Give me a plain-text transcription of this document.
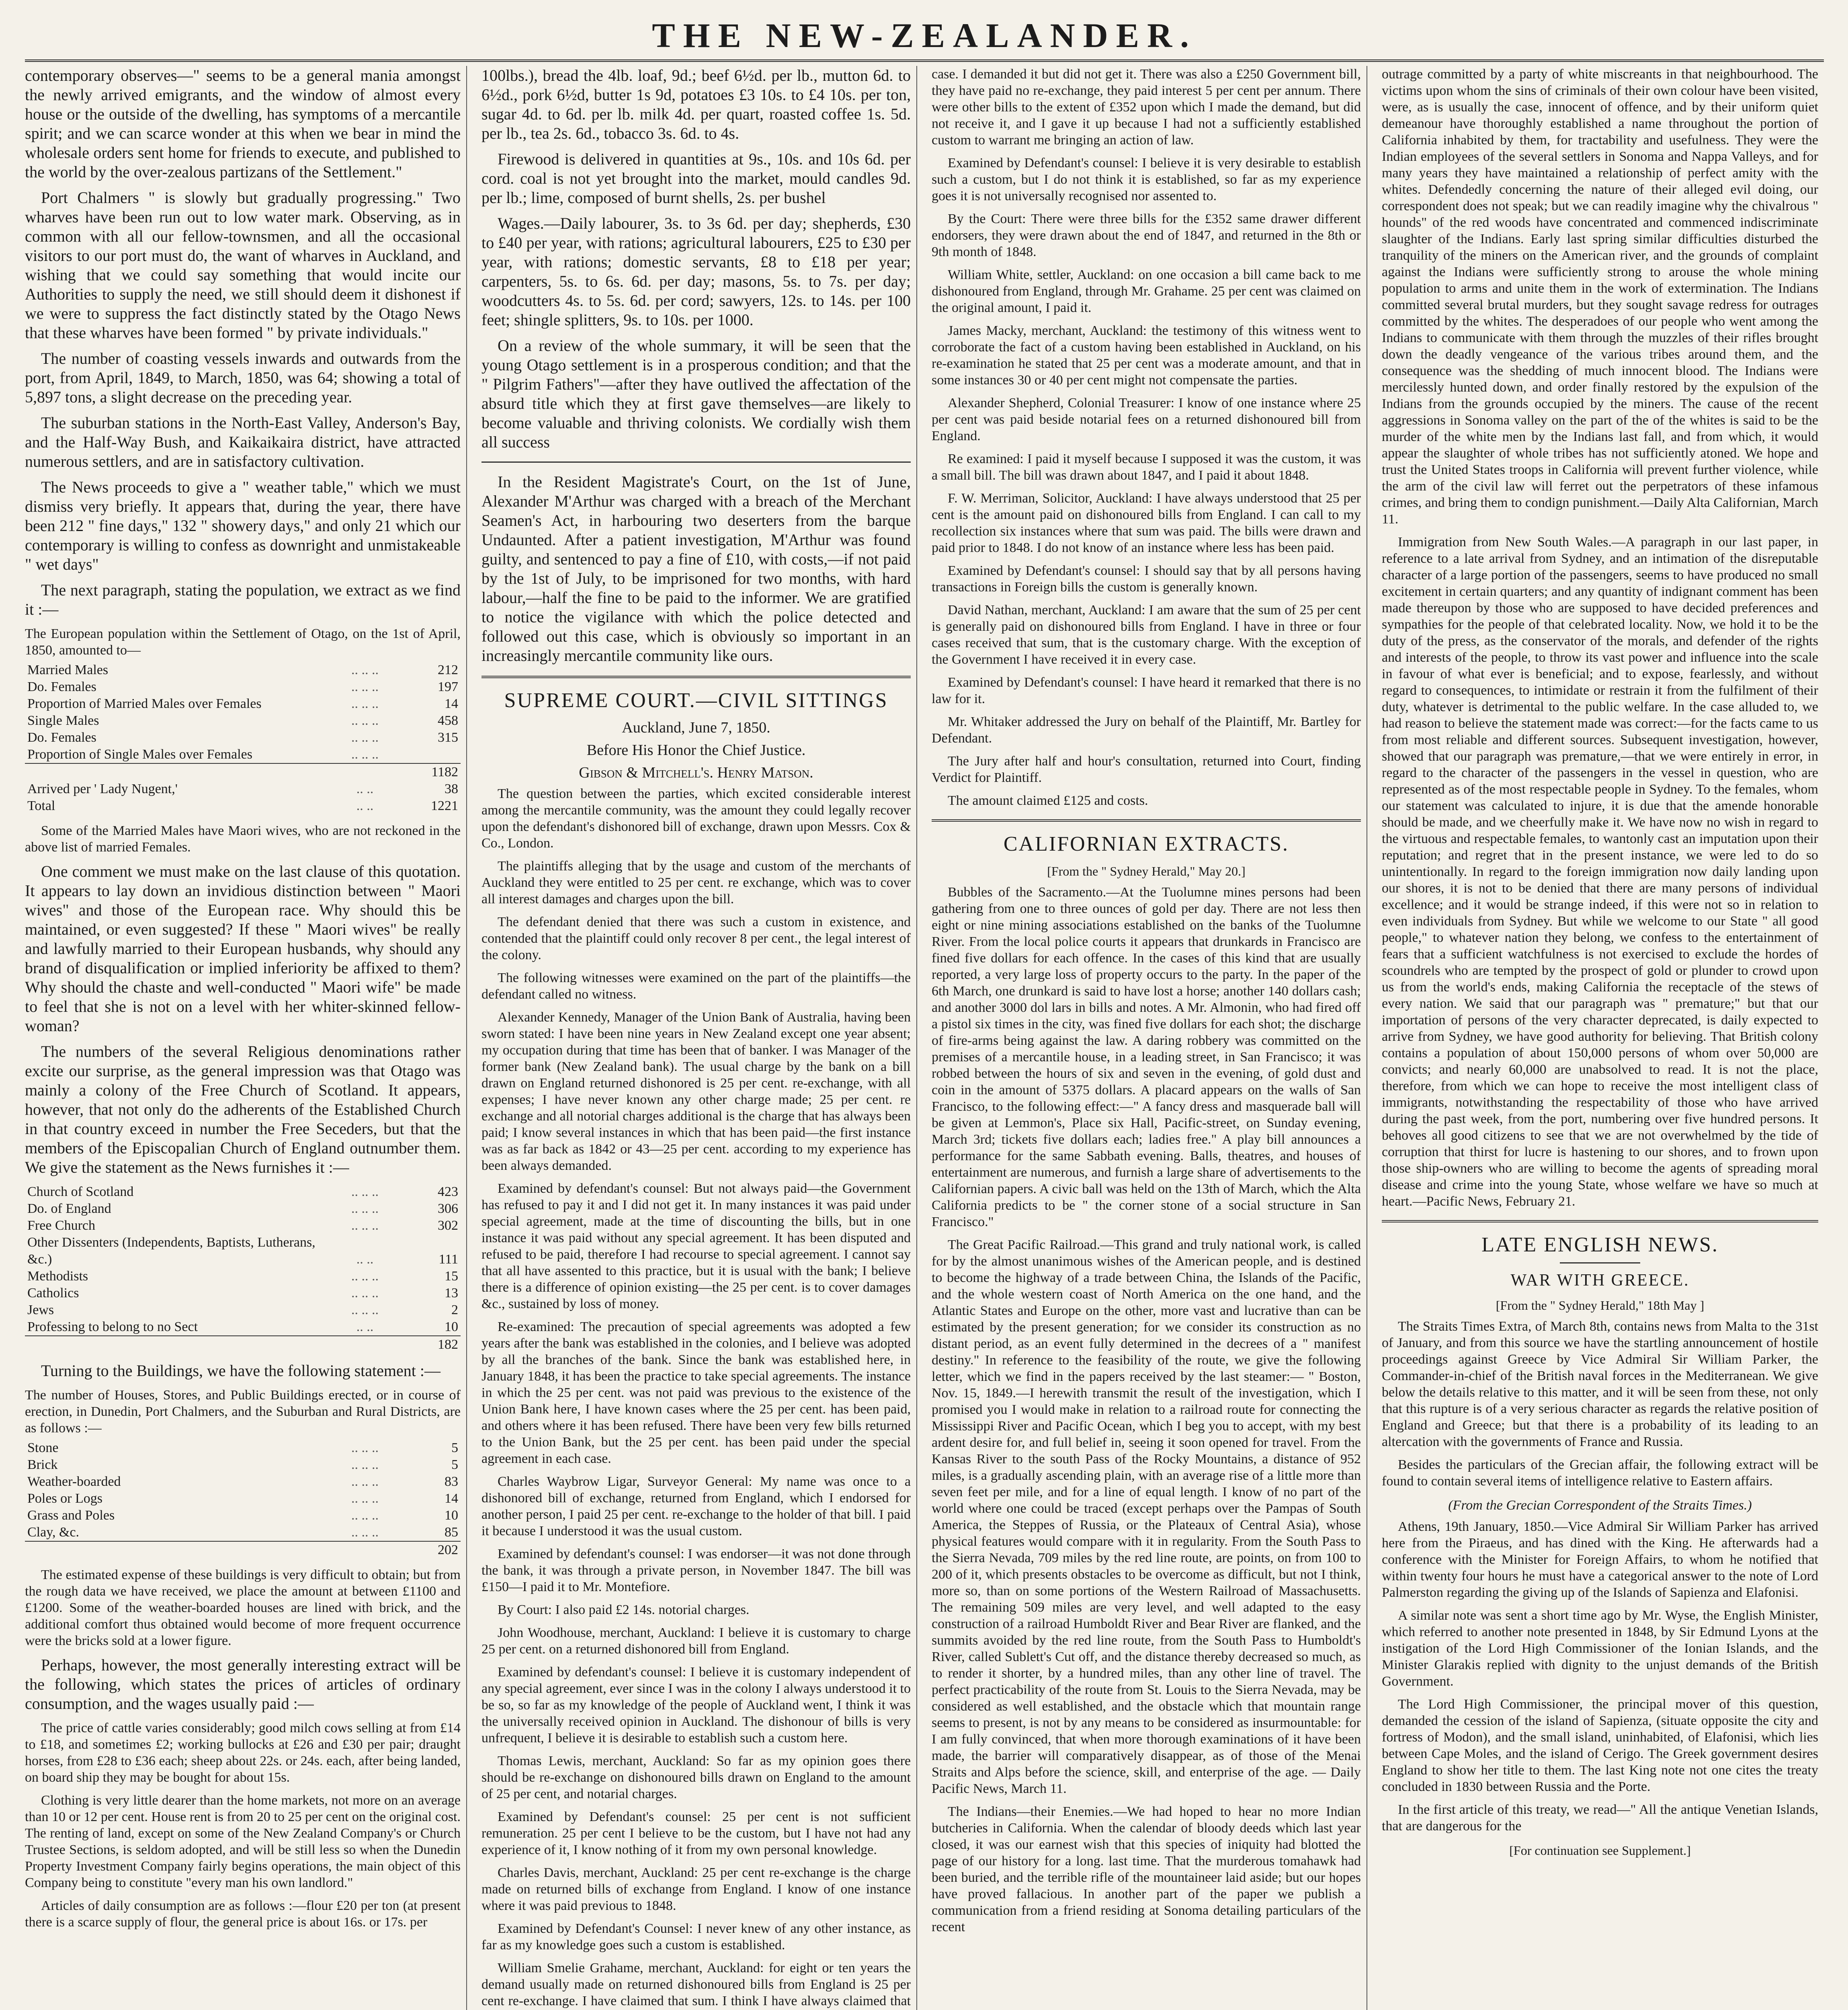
THE NEW-ZEALANDER.

contemporary observes—" seems to be a general mania amongst the newly arrived emigrants, and the window of almost every house or the outside of the dwelling, has symptoms of a mercantile spirit; and we can scarce wonder at this when we bear in mind the wholesale orders sent home for friends to execute, and published to the world by the over-zealous partizans of the Settlement."

Port Chalmers " is slowly but gradually progressing." Two wharves have been run out to low water mark. Observing, as in common with all our fellow-townsmen, and all the occasional visitors to our port must do, the want of wharves in Auckland, and wishing that we could say something that would incite our Authorities to supply the need, we still should deem it dishonest if we were to suppress the fact distinctly stated by the Otago News that these wharves have been formed " by private individuals."

The number of coasting vessels inwards and outwards from the port, from April, 1849, to March, 1850, was 64; showing a total of 5,897 tons, a slight decrease on the preceding year.

The suburban stations in the North-East Valley, Anderson's Bay, and the Half-Way Bush, and Kaikaikaira district, have attracted numerous settlers, and are in satisfactory cultivation.

The News proceeds to give a " weather table," which we must dismiss very briefly. It appears that, during the year, there have been 212 " fine days," 132 " showery days," and only 21 which our contemporary is willing to confess as downright and unmistakeable " wet days"

The next paragraph, stating the population, we extract as we find it :—

The European population within the Settlement of Otago, on the 1st of April, 1850, amounted to—

Married Males	.. .. ..	212
Do. Females	.. .. ..	197
Proportion of Married Males over Females	.. .. ..	14
Single Males	.. .. ..	458
Do. Females	.. .. ..	315
Proportion of Single Males over Females	.. .. ..	
		1182
Arrived per ' Lady Nugent,'	.. ..	38
Total	.. ..	1221

Some of the Married Males have Maori wives, who are not reckoned in the above list of married Females.

One comment we must make on the last clause of this quotation. It appears to lay down an invidious distinction between " Maori wives" and those of the European race. Why should this be maintained, or even suggested? If these " Maori wives" be really and lawfully married to their European husbands, why should any brand of disqualification or implied inferiority be affixed to them? Why should the chaste and well-conducted " Maori wife" be made to feel that she is not on a level with her whiter-skinned fellow-woman?

The numbers of the several Religious denominations rather excite our surprise, as the general impression was that Otago was mainly a colony of the Free Church of Scotland. It appears, however, that not only do the adherents of the Established Church in that country exceed in number the Free Seceders, but that the members of the Episcopalian Church of England outnumber them. We give the statement as the News furnishes it :—

Church of Scotland	.. .. ..	423
Do. of England	.. .. ..	306
Free Church	.. .. ..	302
Other Dissenters (Independents, Baptists, Lutherans, &c.)	.. ..	111
Methodists	.. .. ..	15
Catholics	.. .. ..	13
Jews	.. .. ..	2
Professing to belong to no Sect	.. ..	10
		182

Turning to the Buildings, we have the following statement :—

The number of Houses, Stores, and Public Buildings erected, or in course of erection, in Dunedin, Port Chalmers, and the Suburban and Rural Districts, are as follows :—

Stone	.. .. ..	5
Brick	.. .. ..	5
Weather-boarded	.. .. ..	83
Poles or Logs	.. .. ..	14
Grass and Poles	.. .. ..	10
Clay, &c.	.. .. ..	85
		202

The estimated expense of these buildings is very difficult to obtain; but from the rough data we have received, we place the amount at between £1100 and £1200. Some of the weather-boarded houses are lined with brick, and the additional comfort thus obtained would become of more frequent occurrence were the bricks sold at a lower figure.

Perhaps, however, the most generally interesting extract will be the following, which states the prices of articles of ordinary consumption, and the wages usually paid :—

The price of cattle varies considerably; good milch cows selling at from £14 to £18, and sometimes £2; working bullocks at £26 and £30 per pair; draught horses, from £28 to £36 each; sheep about 22s. or 24s. each, after being landed, on board ship they may be bought for about 15s.

Clothing is very little dearer than the home markets, not more on an average than 10 or 12 per cent. House rent is from 20 to 25 per cent on the original cost. The renting of land, except on some of the New Zealand Company's or Church Trustee Sections, is seldom adopted, and will be still less so when the Dunedin Property Investment Company fairly begins operations, the main object of this Company being to constitute "every man his own landlord."

Articles of daily consumption are as follows :—flour £20 per ton (at present there is a scarce supply of flour, the general price is about 16s. or 17s. per

100lbs.), bread the 4lb. loaf, 9d.; beef 6½d. per lb., mutton 6d. to 6½d., pork 6½d, butter 1s 9d, potatoes £3 10s. to £4 10s. per ton, sugar 4d. to 6d. per lb. milk 4d. per quart, roasted coffee 1s. 5d. per lb., tea 2s. 6d., tobacco 3s. 6d. to 4s.

Firewood is delivered in quantities at 9s., 10s. and 10s 6d. per cord. coal is not yet brought into the market, mould candles 9d. per lb.; lime, composed of burnt shells, 2s. per bushel

Wages.—Daily labourer, 3s. to 3s 6d. per day; shepherds, £30 to £40 per year, with rations; agricultural labourers, £25 to £30 per year, with rations; domestic servants, £8 to £18 per year; carpenters, 5s. to 6s. 6d. per day; masons, 5s. to 7s. per day; woodcutters 4s. to 5s. 6d. per cord; sawyers, 12s. to 14s. per 100 feet; shingle splitters, 9s. to 10s. per 1000.

On a review of the whole summary, it will be seen that the young Otago settlement is in a prosperous condition; and that the " Pilgrim Fathers"—after they have outlived the affectation of the absurd title which they at first gave themselves—are likely to become valuable and thriving colonists. We cordially wish them all success

In the Resident Magistrate's Court, on the 1st of June, Alexander M'Arthur was charged with a breach of the Merchant Seamen's Act, in harbouring two deserters from the barque Undaunted. After a patient investigation, M'Arthur was found guilty, and sentenced to pay a fine of £10, with costs,—if not paid by the 1st of July, to be imprisoned for two months, with hard labour,—half the fine to be paid to the informer. We are gratified to notice the vigilance with which the police detected and followed out this case, which is obviously so important in an increasingly mercantile community like ours.

SUPREME COURT.—CIVIL SITTINGS

Auckland, June 7, 1850.

Before His Honor the Chief Justice.

Gibson & Mitchell's. Henry Matson.

The question between the parties, which excited considerable interest among the mercantile community, was the amount they could legally recover upon the defendant's dishonored bill of exchange, drawn upon Messrs. Cox & Co., London.

The plaintiffs alleging that by the usage and custom of the merchants of Auckland they were entitled to 25 per cent. re exchange, which was to cover all interest damages and charges upon the bill.

The defendant denied that there was such a custom in existence, and contended that the plaintiff could only recover 8 per cent., the legal interest of the colony.

The following witnesses were examined on the part of the plaintiffs—the defendant called no witness.

Alexander Kennedy, Manager of the Union Bank of Australia, having been sworn stated: I have been nine years in New Zealand except one year absent; my occupation during that time has been that of banker. I was Manager of the former bank (New Zealand bank). The usual charge by the bank on a bill drawn on England returned dishonored is 25 per cent. re-exchange, with all expenses; I have never known any other charge made; 25 per cent. re exchange and all notorial charges additional is the charge that has always been paid; I know several instances in which that has been paid—the first instance was as far back as 1842 or 43—25 per cent. according to my experience has been always demanded.

Examined by defendant's counsel: But not always paid—the Government has refused to pay it and I did not get it. In many instances it was paid under special agreement, made at the time of discounting the bills, but in one instance it was paid without any special agreement. It has been disputed and refused to be paid, therefore I had recourse to special agreement. I cannot say that all have assented to this practice, but it is usual with the bank; I believe there is a difference of opinion existing—the 25 per cent. is to cover damages &c., sustained by loss of money.

Re-examined: The precaution of special agreements was adopted a few years after the bank was established in the colonies, and I believe was adopted by all the branches of the bank. Since the bank was established here, in January 1848, it has been the practice to take special agreements. The instance in which the 25 per cent. was not paid was previous to the existence of the Union Bank here, I have known cases where the 25 per cent. has been paid, and others where it has been refused. There have been very few bills returned to the Union Bank, but the 25 per cent. has been paid under the special agreement in each case.

Charles Waybrow Ligar, Surveyor General: My name was once to a dishonored bill of exchange, returned from England, which I endorsed for another person, I paid 25 per cent. re-exchange to the holder of that bill. I paid it because I understood it was the usual custom.

Examined by defendant's counsel: I was endorser—it was not done through the bank, it was through a private person, in November 1847. The bill was £150—I paid it to Mr. Montefiore.

By Court: I also paid £2 14s. notorial charges.

John Woodhouse, merchant, Auckland: I believe it is customary to charge 25 per cent. on a returned dishonored bill from England.

Examined by defendant's counsel: I believe it is customary independent of any special agreement, ever since I was in the colony I always understood it to be so, so far as my knowledge of the people of Auckland went, I think it was the universally received opinion in Auckland. The dishonour of bills is very unfrequent, I believe it is desirable to establish such a custom here.

Thomas Lewis, merchant, Auckland: So far as my opinion goes there should be re-exchange on dishonoured bills drawn on England to the amount of 25 per cent, and notarial charges.

Examined by Defendant's counsel: 25 per cent is not sufficient remuneration. 25 per cent I believe to be the custom, but I have not had any experience of it, I know nothing of it from my own personal knowledge.

Charles Davis, merchant, Auckland: 25 per cent re-exchange is the charge made on returned bills of exchange from England. I know of one instance where it was paid previous to 1848.

Examined by Defendant's Counsel: I never knew of any other instance, as far as my knowledge goes such a custom is established.

William Smelie Grahame, merchant, Auckland: for eight or ten years the demand usually made on returned dishonoured bills from England is 25 per cent re-exchange. I have claimed that sum. I think I have always claimed that

case. I demanded it but did not get it. There was also a £250 Government bill, they have paid no re-exchange, they paid interest 5 per cent per annum. There were other bills to the extent of £352 upon which I made the demand, but did not receive it, and I gave it up because I had not a sufficiently established custom to warrant me bringing an action of law.

Examined by Defendant's counsel: I believe it is very desirable to establish such a custom, but I do not think it is established, so far as my experience goes it is not universally recognised nor assented to.

By the Court: There were three bills for the £352 same drawer different endorsers, they were drawn about the end of 1847, and returned in the 8th or 9th month of 1848.

William White, settler, Auckland: on one occasion a bill came back to me dishonoured from England, through Mr. Grahame. 25 per cent was claimed on the original amount, I paid it.

James Macky, merchant, Auckland: the testimony of this witness went to corroborate the fact of a custom having been established in Auckland, on his re-examination he stated that 25 per cent was a moderate amount, and that in some instances 30 or 40 per cent might not compensate the parties.

Alexander Shepherd, Colonial Treasurer: I know of one instance where 25 per cent was paid beside notarial fees on a returned dishonoured bill from England.

Re examined: I paid it myself because I supposed it was the custom, it was a small bill. The bill was drawn about 1847, and I paid it about 1848.

F. W. Merriman, Solicitor, Auckland: I have always understood that 25 per cent is the amount paid on dishonoured bills from England. I can call to my recollection six instances where that sum was paid. The bills were drawn and paid prior to 1848. I do not know of an instance where less has been paid.

Examined by Defendant's counsel: I should say that by all persons having transactions in Foreign bills the custom is generally known.

David Nathan, merchant, Auckland: I am aware that the sum of 25 per cent is generally paid on dishonoured bills from England. I have in three or four cases received that sum, that is the customary charge. With the exception of the Government I have received it in every case.

Examined by Defendant's counsel: I have heard it remarked that there is no law for it.

Mr. Whitaker addressed the Jury on behalf of the Plaintiff, Mr. Bartley for Defendant.

The Jury after half and hour's consultation, returned into Court, finding Verdict for Plaintiff.

The amount claimed £125 and costs.

CALIFORNIAN EXTRACTS.

[From the " Sydney Herald," May 20.]

Bubbles of the Sacramento.—At the Tuolumne mines persons had been gathering from one to three ounces of gold per day. There are not less then eight or nine mining associations established on the banks of the Tuolumne River. From the local police courts it appears that drunkards in Francisco are fined five dollars for each offence. In the cases of this kind that are usually reported, a very large loss of property occurs to the party. In the paper of the 6th March, one drunkard is said to have lost a horse; another 140 dollars cash; and another 3000 dol lars in bills and notes. A Mr. Almonin, who had fired off a pistol six times in the city, was fined five dollars for each shot; the discharge of fire-arms being against the law. A daring robbery was committed on the premises of a mercantile house, in a leading street, in San Francisco; it was robbed between the hours of six and seven in the evening, of gold dust and coin in the amount of 5375 dollars. A placard appears on the walls of San Francisco, to the following effect:—" A fancy dress and masquerade ball will be given at Lemmon's, Place six Hall, Pacific-street, on Sunday evening, March 3rd; tickets five dollars each; ladies free." A play bill announces a performance for the same Sabbath evening. Balls, theatres, and houses of entertainment are numerous, and furnish a large share of advertisements to the Californian papers. A civic ball was held on the 13th of March, which the Alta California predicts to be " the corner stone of a social structure in San Francisco."

The Great Pacific Railroad.—This grand and truly national work, is called for by the almost unanimous wishes of the American people, and is destined to become the highway of a trade between China, the Islands of the Pacific, and the whole western coast of North America on the one hand, and the Atlantic States and Europe on the other, more vast and lucrative than can be estimated by the present generation; for we consider its construction as no distant period, as an event fully determined in the decrees of a " manifest destiny." In reference to the feasibility of the route, we give the following letter, which we find in the papers received by the last steamer:— " Boston, Nov. 15, 1849.—I herewith transmit the result of the investigation, which I promised you I would make in relation to a railroad route for connecting the Mississippi River and Pacific Ocean, which I beg you to accept, with my best ardent desire for, and full belief in, seeing it soon opened for travel. From the Kansas River to the south Pass of the Rocky Mountains, a distance of 952 miles, is a gradually ascending plain, with an average rise of a little more than seven feet per mile, and for a line of equal length. I know of no part of the world where one could be traced (except perhaps over the Pampas of South America, the Steppes of Russia, or the Plateaux of Central Asia), whose physical features would compare with it in regularity. From the South Pass to the Sierra Nevada, 709 miles by the red line route, are points, on from 100 to 200 of it, which presents obstacles to be overcome as difficult, but not I think, more so, than on some portions of the Western Railroad of Massachusetts. The remaining 509 miles are very level, and well adapted to the easy construction of a railroad Humboldt River and Bear River are flanked, and the summits avoided by the red line route, from the South Pass to Humboldt's River, called Sublett's Cut off, and the distance thereby decreased so much, as to render it shorter, by a hundred miles, than any other line of travel. The perfect practicability of the route from St. Louis to the Sierra Nevada, may be considered as well established, and the obstacle which that mountain range seems to present, is not by any means to be considered as insurmountable: for I am fully convinced, that when more thorough examinations of it have been made, the barrier will comparatively disappear, as of those of the Menai Straits and Alps before the science, skill, and enterprise of the age. — Daily Pacific News, March 11.

The Indians—their Enemies.—We had hoped to hear no more Indian butcheries in California. When the calendar of bloody deeds which last year closed, it was our earnest wish that this species of iniquity had blotted the page of our history for a long. last time. That the murderous tomahawk had been buried, and the terrible rifle of the mountaineer laid aside; but our hopes have proved fallacious. In another part of the paper we publish a communication from a friend residing at Sonoma detailing particulars of the recent

outrage committed by a party of white miscreants in that neighbourhood. The victims upon whom the sins of criminals of their own colour have been visited, were, as is usually the case, innocent of offence, and by their uniform quiet demeanour have thoroughly established a name throughout the portion of California inhabited by them, for tractability and usefulness. They were the Indian employees of the several settlers in Sonoma and Nappa Valleys, and for many years they have maintained a relationship of perfect amity with the whites. Defendedly concerning the nature of their alleged evil doing, our correspondent does not speak; but we can readily imagine why the chivalrous " hounds" of the red woods have concentrated and commenced indiscriminate slaughter of the Indians. Early last spring similar difficulties disturbed the tranquility of the miners on the American river, and the grounds of complaint against the Indians were sufficiently strong to arouse the whole mining population to arms and unite them in the work of extermination. The Indians committed several brutal murders, but they sought savage redress for outrages committed by the whites. The desperadoes of our people who went among the Indians to communicate with them through the muzzles of their rifles brought down the deadly vengeance of the various tribes around them, and the consequence was the shedding of much innocent blood. The Indians were mercilessly hunted down, and order finally restored by the expulsion of the Indians from the grounds occupied by the miners. The cause of the recent aggressions in Sonoma valley on the part of the of the whites is said to be the murder of the white men by the Indians last fall, and from which, it would appear the slaughter of whole tribes has not sufficiently atoned. We hope and trust the United States troops in California will prevent further violence, while the arm of the civil law will ferret out the perpetrators of these infamous crimes, and bring them to condign punishment.—Daily Alta Californian, March 11.

Immigration from New South Wales.—A paragraph in our last paper, in reference to a late arrival from Sydney, and an intimation of the disreputable character of a large portion of the passengers, seems to have produced no small excitement in certain quarters; and any quantity of indignant comment has been made thereupon by those who are supposed to have decided preferences and sympathies for the people of that celebrated locality. Now, we hold it to be the duty of the press, as the conservator of the morals, and defender of the rights and interests of the people, to throw its vast power and influence into the scale in favour of what ever is beneficial; and to expose, fearlessly, and without regard to consequences, to intimidate or restrain it from the fulfilment of their duty, whatever is detrimental to the public welfare. In the case alluded to, we had reason to believe the statement made was correct:—for the facts came to us from most reliable and different sources. Subsequent investigation, however, showed that our paragraph was premature,—that we were entirely in error, in regard to the character of the passengers in the vessel in question, who are represented as of the most respectable people in Sydney. To the females, whom our statement was calculated to injure, it is due that the amende honorable should be made, and we cheerfully make it. We have now no wish in regard to the virtuous and respectable females, to wantonly cast an imputation upon their reputation; and regret that in the present instance, we were led to do so unintentionally. In regard to the foreign immigration now daily landing upon our shores, it is not to be denied that there are many persons of individual excellence; and it would be strange indeed, if this were not so in relation to even individuals from Sydney. But while we welcome to our State " all good people," to whatever nation they belong, we confess to the entertainment of fears that a sufficient watchfulness is not exercised to exclude the hordes of scoundrels who are tempted by the prospect of gold or plunder to crowd upon us from the world's ends, making California the receptacle of the stews of every nation. We said that our paragraph was " premature;" but that our importation of persons of the very character deprecated, is daily expected to arrive from Sydney, we have good authority for believing. That British colony contains a population of about 150,000 persons of whom over 50,000 are convicts; and nearly 60,000 are unabsolved to read. It is not the place, therefore, from which we can hope to receive the most intelligent class of immigrants, notwithstanding the respectability of those who have arrived during the past week, from the port, numbering over five hundred persons. It behoves all good citizens to see that we are not overwhelmed by the tide of corruption that thirst for lucre is hastening to our shores, and to frown upon those ship-owners who are willing to become the agents of spreading moral disease and crime into the young State, whose welfare we have so much at heart.—Pacific News, February 21.

LATE ENGLISH NEWS.
WAR WITH GREECE.

[From the " Sydney Herald," 18th May ]

The Straits Times Extra, of March 8th, contains news from Malta to the 31st of January, and from this source we have the startling announcement of hostile proceedings against Greece by Vice Admiral Sir William Parker, the Commander-in-chief of the British naval forces in the Mediterranean. We give below the details relative to this matter, and it will be seen from these, not only that this rupture is of a very serious character as regards the relative position of England and Greece; but that there is a probability of its leading to an altercation with the governments of France and Russia.

Besides the particulars of the Grecian affair, the following extract will be found to contain several items of intelligence relative to Eastern affairs.

(From the Grecian Correspondent of the Straits Times.)

Athens, 19th January, 1850.—Vice Admiral Sir William Parker has arrived here from the Piraeus, and has dined with the King. He afterwards had a conference with the Minister for Foreign Affairs, to whom he notified that within twenty four hours he must have a categorical answer to the note of Lord Palmerston regarding the giving up of the Islands of Sapienza and Elafonisi.

A similar note was sent a short time ago by Mr. Wyse, the English Minister, which referred to another note presented in 1848, by Sir Edmund Lyons at the instigation of the Lord High Commissioner of the Ionian Islands, and the Minister Glarakis replied with dignity to the unjust demands of the British Government.

The Lord High Commissioner, the principal mover of this question, demanded the cession of the island of Sapienza, (situate opposite the city and fortress of Modon), and the small island, uninhabited, of Elafonisi, which lies between Cape Moles, and the island of Cerigo. The Greek government desires England to show her title to them. The last King note not one cites the treaty concluded in 1830 between Russia and the Porte.

In the first article of this treaty, we read—" All the antique Venetian Islands, that are dangerous for the

[For continuation see Supplement.]
